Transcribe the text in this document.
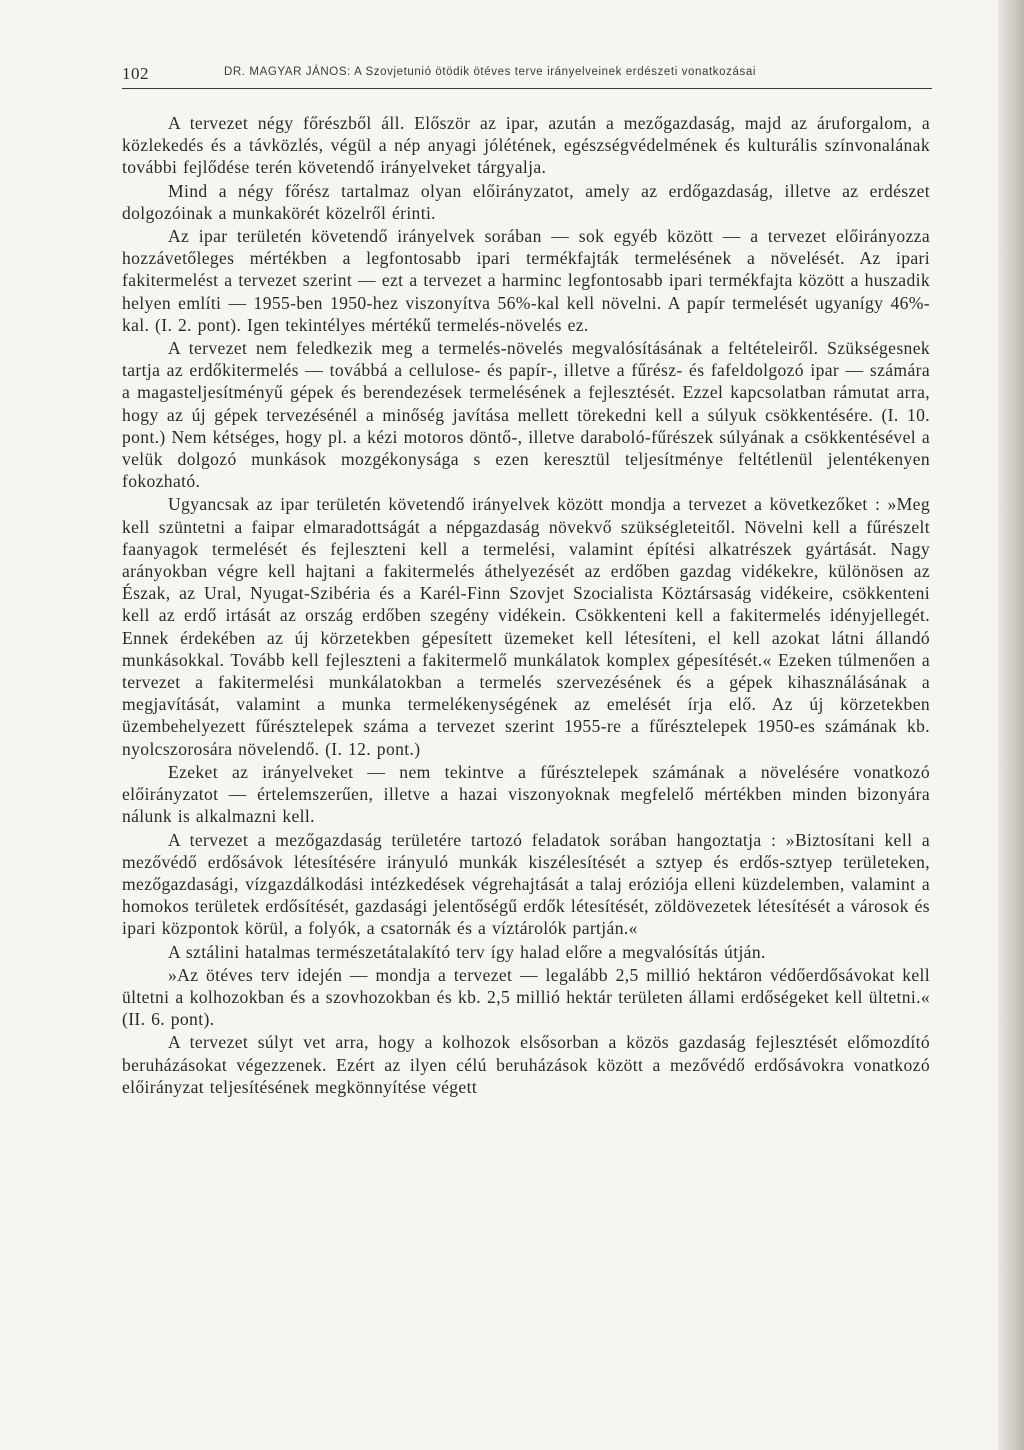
102	DR. MAGYAR JÁNOS: A Szovjetunió ötödik ötéves terve irányelveinek erdészeti vonatkozásai

A tervezet négy főrészből áll. Először az ipar, azután a mezőgazdaság, majd az áruforgalom, a közlekedés és a távközlés, végül a nép anyagi jólétének, egészségvédelmének és kulturális színvonalának további fejlődése terén követendő irányelveket tárgyalja.

Mind a négy főrész tartalmaz olyan előirányzatot, amely az erdőgazdaság, illetve az erdészet dolgozóinak a munkakörét közelről érinti.

Az ipar területén követendő irányelvek sorában — sok egyéb között — a tervezet előirányozza hozzávetőleges mértékben a legfontosabb ipari termékfajták termelésének a növelését. Az ipari fakitermelést a tervezet szerint — ezt a tervezet a harminc legfontosabb ipari termékfajta között a huszadik helyen említi — 1955-ben 1950-hez viszonyítva 56%-kal kell növelni. A papír termelését ugyanígy 46%-kal. (I. 2. pont). Igen tekintélyes mértékű termelés-növelés ez.

A tervezet nem feledkezik meg a termelés-növelés megvalósításának a feltételeiről. Szükségesnek tartja az erdőkitermelés — továbbá a cellulose- és papír-, illetve a fűrész- és fafeldolgozó ipar — számára a magasteljesítményű gépek és berendezések termelésének a fejlesztését. Ezzel kapcsolatban rámutat arra, hogy az új gépek tervezésénél a minőség javítása mellett törekedni kell a súlyuk csökkentésére. (I. 10. pont.) Nem kétséges, hogy pl. a kézi motoros döntő-, illetve daraboló-fűrészek súlyának a csökkentésével a velük dolgozó munkások mozgékonysága s ezen keresztül teljesítménye feltétlenül jelentékenyen fokozható.

Ugyancsak az ipar területén követendő irányelvek között mondja a tervezet a következőket : »Meg kell szüntetni a faipar elmaradottságát a népgazdaság növekvő szükségleteitől. Növelni kell a fűrészelt faanyagok termelését és fejleszteni kell a termelési, valamint építési alkatrészek gyártását. Nagy arányokban végre kell hajtani a fakitermelés áthelyezését az erdőben gazdag vidékekre, különösen az Észak, az Ural, Nyugat-Szibéria és a Karél-Finn Szovjet Szocialista Köztársaság vidékeire, csökkenteni kell az erdő irtását az ország erdőben szegény vidékein. Csökkenteni kell a fakitermelés idényjellegét. Ennek érdekében az új körzetekben gépesített üzemeket kell létesíteni, el kell azokat látni állandó munkásokkal. Tovább kell fejleszteni a fakitermelő munkálatok komplex gépesítését.« Ezeken túlmenően a tervezet a fakitermelési munkálatokban a termelés szervezésének és a gépek kihasználásának a megjavítását, valamint a munka termelékenységének az emelését írja elő. Az új körzetekben üzembehelyezett fűrésztelepek száma a tervezet szerint 1955-re a fűrésztelepek 1950-es számának kb. nyolcszorosára növelendő. (I. 12. pont.)

Ezeket az irányelveket — nem tekintve a fűrésztelepek számának a növelésére vonatkozó előirányzatot — értelemszerűen, illetve a hazai viszonyoknak megfelelő mértékben minden bizonyára nálunk is alkalmazni kell.

A tervezet a mezőgazdaság területére tartozó feladatok sorában hangoztatja : »Biztosítani kell a mezővédő erdősávok létesítésére irányuló munkák kiszélesítését a sztyep és erdős-sztyep területeken, mezőgazdasági, vízgazdálkodási intézkedések végrehajtását a talaj eróziója elleni küzdelemben, valamint a homokos területek erdősítését, gazdasági jelentőségű erdők létesítését, zöldövezetek létesítését a városok és ipari központok körül, a folyók, a csatornák és a víztárolók partján.«

A sztálini hatalmas természetátalakító terv így halad előre a megvalósítás útján.

»Az ötéves terv idején — mondja a tervezet — legalább 2,5 millió hektáron védőerdősávokat kell ültetni a kolhozokban és a szovhozokban és kb. 2,5 millió hektár területen állami erdőségeket kell ültetni.« (II. 6. pont).

A tervezet súlyt vet arra, hogy a kolhozok elsősorban a közös gazdaság fejlesztését előmozdító beruházásokat végezzenek. Ezért az ilyen célú beruházások között a mezővédő erdősávokra vonatkozó előirányzat teljesítésének megkönnyítése végett
